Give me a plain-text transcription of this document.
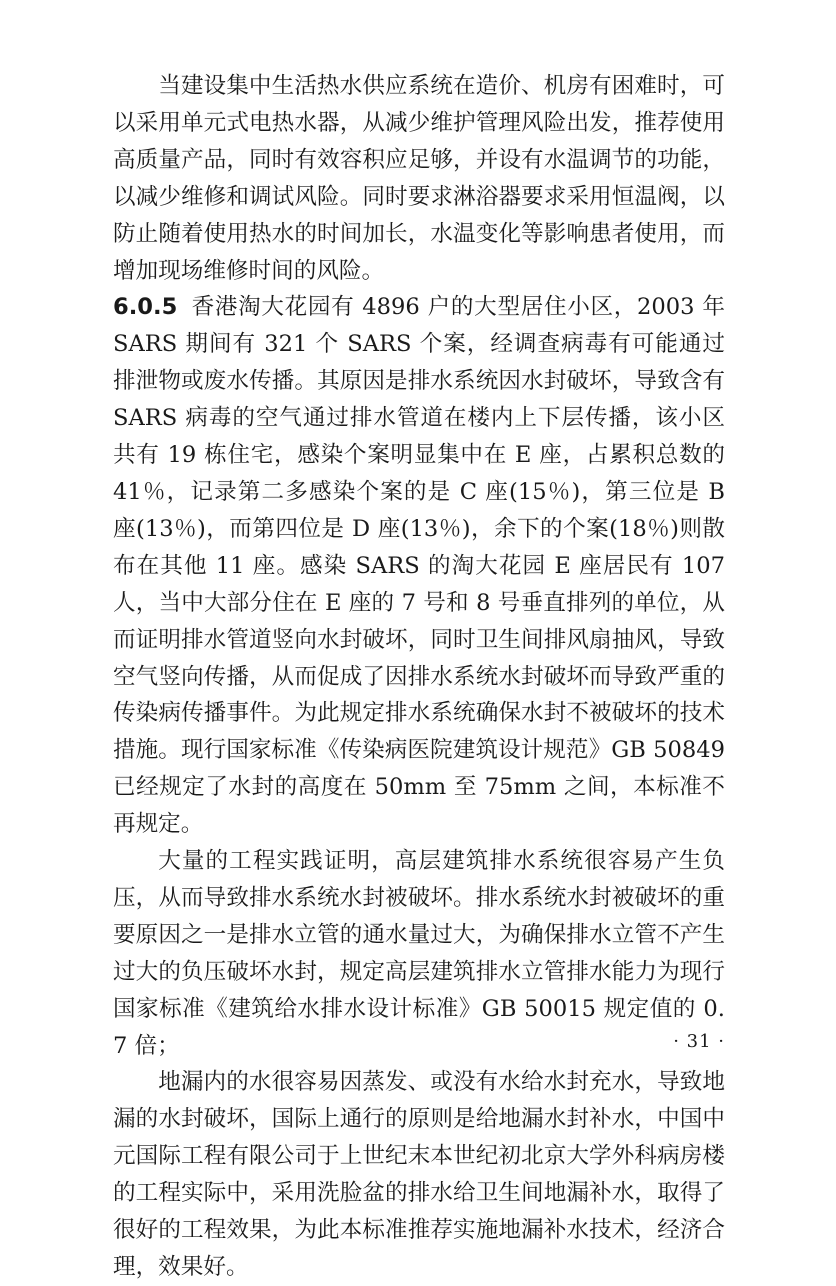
当建设集中生活热水供应系统在造价、机房有困难时，可以采用单元式电热水器，从减少维护管理风险出发，推荐使用高质量产品，同时有效容积应足够，并设有水温调节的功能，以减少维修和调试风险。同时要求淋浴器要求采用恒温阀，以防止随着使用热水的时间加长，水温变化等影响患者使用，而增加现场维修时间的风险。

6.0.5 香港淘大花园有 4896 户的大型居住小区，2003 年 SARS 期间有 321 个 SARS 个案，经调查病毒有可能通过排泄物或废水传播。其原因是排水系统因水封破坏，导致含有 SARS 病毒的空气通过排水管道在楼内上下层传播，该小区共有 19 栋住宅，感染个案明显集中在 E 座，占累积总数的 41％，记录第二多感染个案的是 C 座(15％)，第三位是 B 座(13％)，而第四位是 D 座(13％)，余下的个案(18％)则散布在其他 11 座。感染 SARS 的淘大花园 E 座居民有 107 人，当中大部分住在 E 座的 7 号和 8 号垂直排列的单位，从而证明排水管道竖向水封破坏，同时卫生间排风扇抽风，导致空气竖向传播，从而促成了因排水系统水封破坏而导致严重的传染病传播事件。为此规定排水系统确保水封不被破坏的技术措施。现行国家标准《传染病医院建筑设计规范》GB 50849 已经规定了水封的高度在 50mm 至 75mm 之间，本标准不再规定。

大量的工程实践证明，高层建筑排水系统很容易产生负压，从而导致排水系统水封被破坏。排水系统水封被破坏的重要原因之一是排水立管的通水量过大，为确保排水立管不产生过大的负压破坏水封，规定高层建筑排水立管排水能力为现行国家标准《建筑给水排水设计标准》GB 50015 规定值的 0.7 倍；

地漏内的水很容易因蒸发、或没有水给水封充水，导致地漏的水封破坏，国际上通行的原则是给地漏水封补水，中国中元国际工程有限公司于上世纪末本世纪初北京大学外科病房楼的工程实际中，采用洗脸盆的排水给卫生间地漏补水，取得了很好的工程效果，为此本标准推荐实施地漏补水技术，经济合理，效果好。

· 31 ·
